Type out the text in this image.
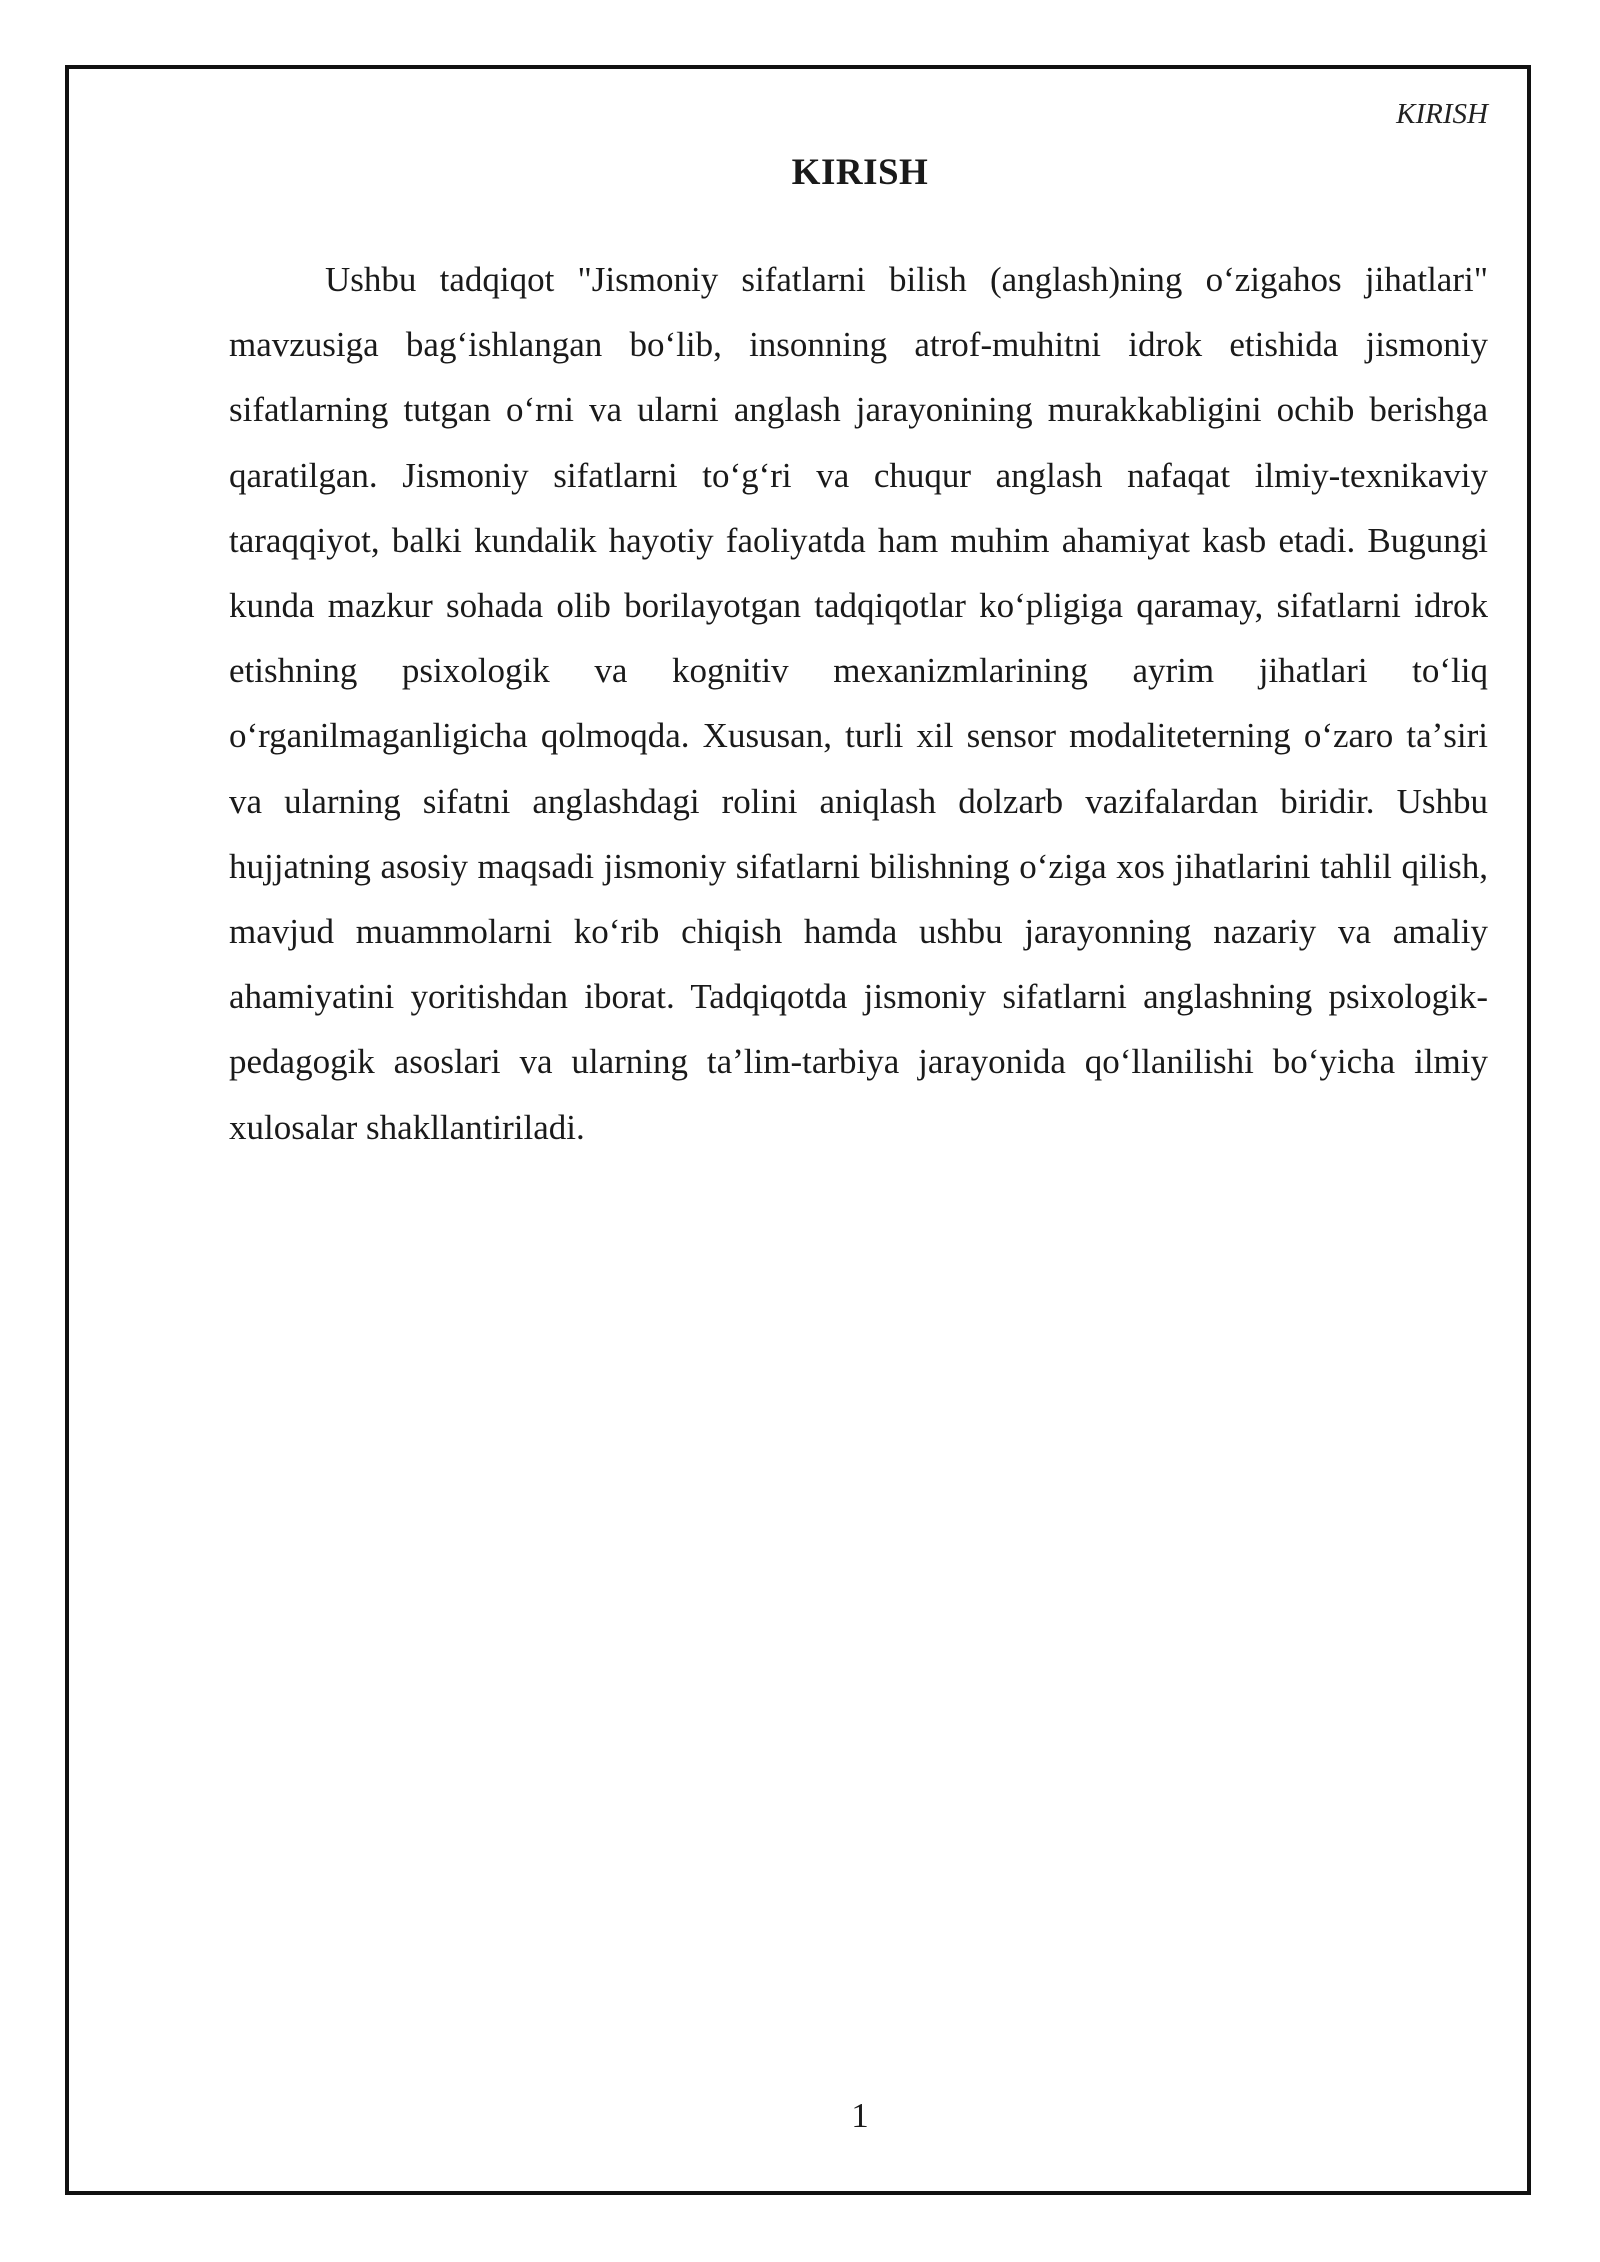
KIRISH
KIRISH

Ushbu tadqiqot "Jismoniy sifatlarni bilish (anglash)ning oʻzigahos jihatlari" mavzusiga bagʻishlangan boʻlib, insonning atrof-muhitni idrok etishida jismoniy sifatlarning tutgan oʻrni va ularni anglash jarayonining murakkabligini ochib berishga qaratilgan. Jismoniy sifatlarni toʻgʻri va chuqur anglash nafaqat ilmiy-texnikaviy taraqqiyot, balki kundalik hayotiy faoliyatda ham muhim ahamiyat kasb etadi. Bugungi kunda mazkur sohada olib borilayotgan tadqiqotlar koʻpligiga qaramay, sifatlarni idrok etishning psixologik va kognitiv mexanizmlarining ayrim jihatlari toʻliq oʻrganilmaganligicha qolmoqda. Xususan, turli xil sensor modaliteterning oʻzaro taʼsiri va ularning sifatni anglashdagi rolini aniqlash dolzarb vazifalardan biridir. Ushbu hujjatning asosiy maqsadi jismoniy sifatlarni bilishning oʻziga xos jihatlarini tahlil qilish, mavjud muammolarni koʻrib chiqish hamda ushbu jarayonning nazariy va amaliy ahamiyatini yoritishdan iborat. Tadqiqotda jismoniy sifatlarni anglashning psixologik-pedagogik asoslari va ularning taʼlim-tarbiya jarayonida qoʻllanilishi boʻyicha ilmiy xulosalar shakllantiriladi.

1
